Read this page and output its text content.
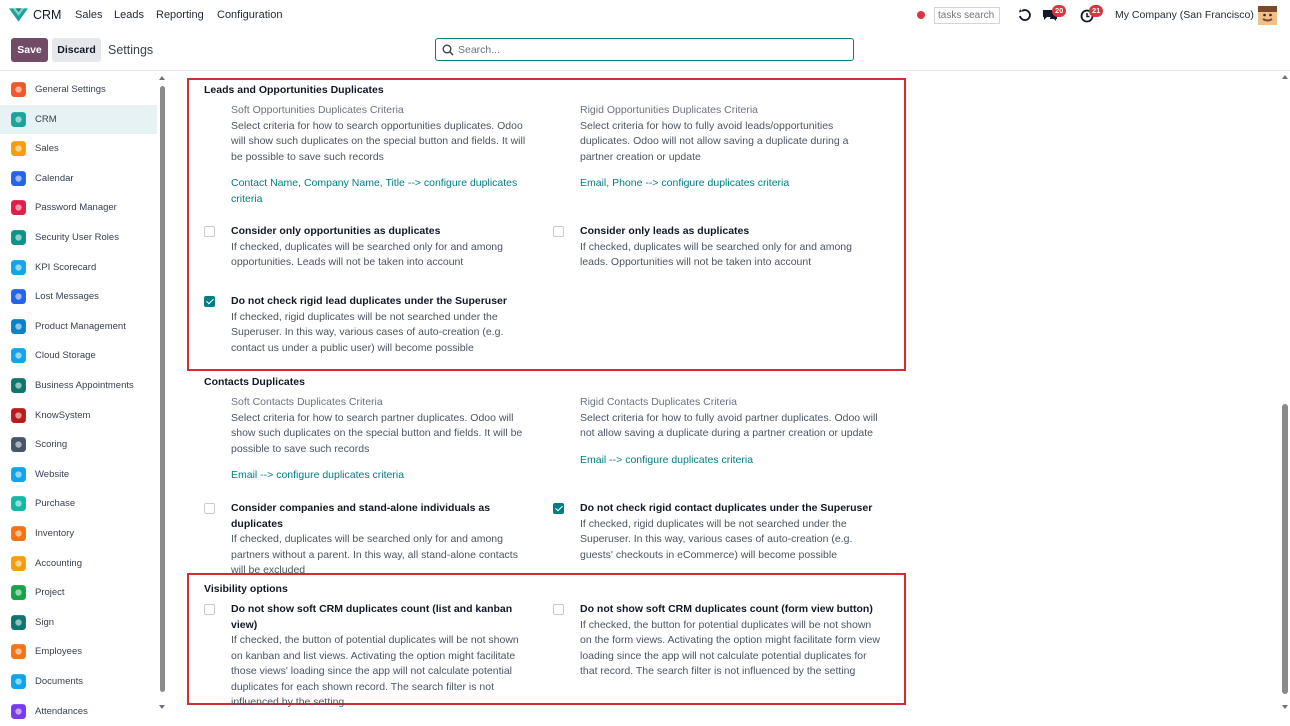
CRM Sales Leads Reporting Configuration
tasks search	20	21 My Company (San Francisco)
Save	Discard Settings
Search...
General Settings
CRM
Sales
Calendar
Password Manager
Security User Roles
KPI Scorecard
Lost Messages
Product Management
Cloud Storage
Business Appointments
KnowSystem
Scoring
Website
Purchase
Inventory
Accounting
Project
Sign
Employees
Documents
Attendances
Leads and Opportunities Duplicates
Soft Opportunities Duplicates Criteria
Select criteria for how to search opportunities duplicates. Odoo will show such duplicates on the special button and fields. It will be possible to save such records
Contact Name, Company Name, Title --> configure duplicates criteria
Rigid Opportunities Duplicates Criteria
Select criteria for how to fully avoid leads/opportunities duplicates. Odoo will not allow saving a duplicate during a partner creation or update
Email, Phone --> configure duplicates criteria
Consider only opportunities as duplicates
If checked, duplicates will be searched only for and among opportunities. Leads will not be taken into account
Consider only leads as duplicates
If checked, duplicates will be searched only for and among leads. Opportunities will not be taken into account
Do not check rigid lead duplicates under the Superuser
If checked, rigid duplicates will be not searched under the Superuser. In this way, various cases of auto-creation (e.g. contact us under a public user) will become possible
Contacts Duplicates
Soft Contacts Duplicates Criteria
Select criteria for how to search partner duplicates. Odoo will show such duplicates on the special button and fields. It will be possible to save such records
Email --> configure duplicates criteria
Rigid Contacts Duplicates Criteria
Select criteria for how to fully avoid partner duplicates. Odoo will not allow saving a duplicate during a partner creation or update
Email --> configure duplicates criteria
Consider companies and stand-alone individuals as duplicates
If checked, duplicates will be searched only for and among partners without a parent. In this way, all stand-alone contacts will be excluded
Do not check rigid contact duplicates under the Superuser
If checked, rigid duplicates will be not searched under the Superuser. In this way, various cases of auto-creation (e.g. guests' checkouts in eCommerce) will become possible
Visibility options
Do not show soft CRM duplicates count (list and kanban view)
If checked, the button of potential duplicates will be not shown on kanban and list views. Activating the option might facilitate those views' loading since the app will not calculate potential duplicates for each shown record. The search filter is not influenced by the setting
Do not show soft CRM duplicates count (form view button)
If checked, the button for potential duplicates will be not shown on the form views. Activating the option might facilitate form view loading since the app will not calculate potential duplicates for that record. The search filter is not influenced by the setting
